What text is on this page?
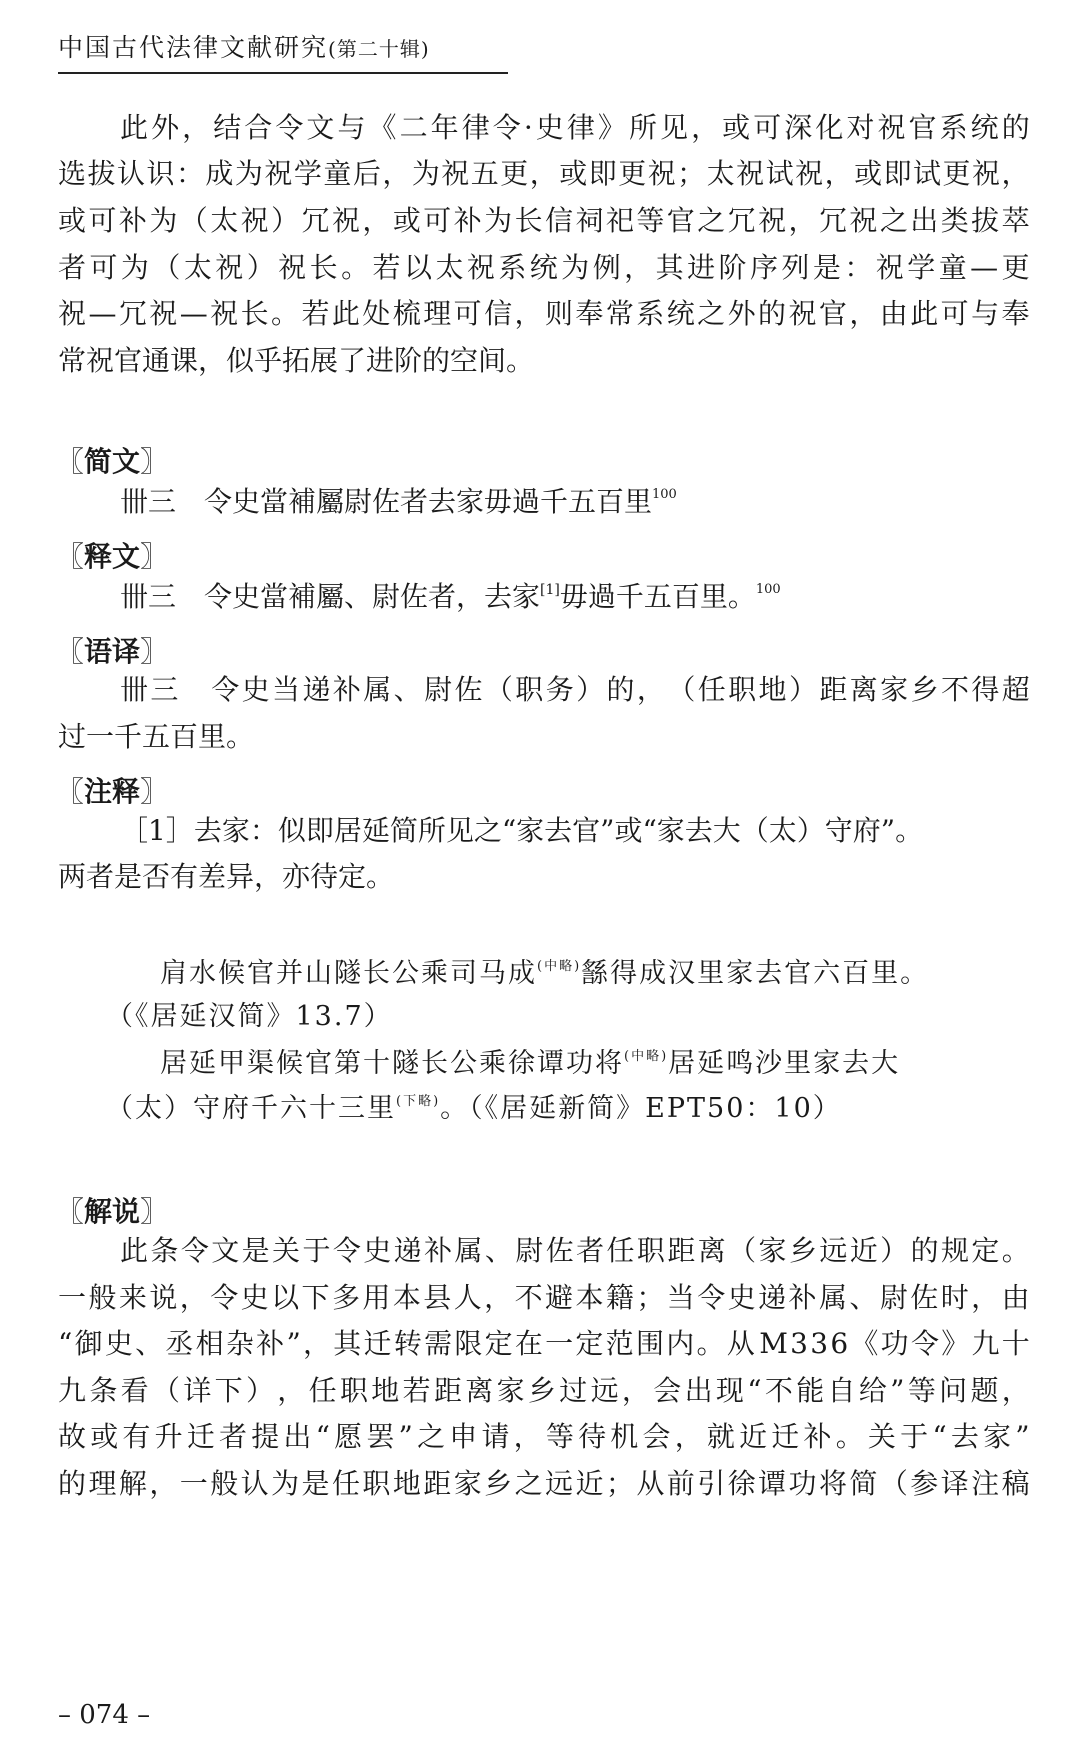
中国古代法律文献研究(第二十辑)
此 外 ， 结 合 令 文 与 《 二 年 律 令 · 史 律 》 所 见 ， 或 可 深 化 对 祝 官 系 统 的
选 拔 认 识 ： 成 为 祝 学 童 后 ， 为 祝 五 更 ， 或 即 更 祝 ； 太 祝 试 祝 ， 或 即 试 更 祝 ，
或 可 补 为 （ 太 祝 ） 冗 祝 ， 或 可 补 为 长 信 祠 祀 等 官 之 冗 祝 ， 冗 祝 之 出 类 拔 萃
者 可 为 （ 太 祝 ） 祝 长 。 若 以 太 祝 系 统 为 例 ， 其 进 阶 序 列 是 ： 祝 学 童 — 更
祝 — 冗 祝 — 祝 长 。 若 此 处 梳 理 可 信 ， 则 奉 常 系 统 之 外 的 祝 官 ， 由 此 可 与 奉
常祝官通课，似乎拓展了进阶的空间。
〖简文〗
卌三　令史當補屬尉佐者去家毋過千五百里 100
〖释文〗
卌三　令史當補屬、尉佐者，去家 [1] 毋過千五百里。 100
〖语译〗
卌 三
　 令 史 当 递 补 属 、 尉 佐 （ 职 务 ） 的 ， （ 任 职 地 ） 距 离 家 乡 不 得 超
过一千五百里。
〖注释〗
［1］去家：似即居延简所见之“家去官”或“家去大（太）守府”。
两者是否有差异，亦待定。
肩水候官并山隧长公乘司马成 (中略) 䌛得成汉里家去官六百里。
（《居延汉简》13.7）
居延甲渠候官第十隧长公乘徐谭功将 (中略) 居延鸣沙里家去大
（太）守府千六十三里 (下略) 。（《居延新简》EPT50：10）
〖解说〗
此 条 令 文 是 关 于 令 史 递 补 属 、 尉 佐 者 任 职 距 离 （ 家 乡 远 近 ） 的 规 定 。
一 般 来 说 ， 令 史 以 下 多 用 本 县 人 ， 不 避 本 籍 ； 当 令 史 递 补 属 、 尉 佐 时 ， 由
“ 御 史 、 丞 相 杂 补 ” ， 其 迁 转 需 限 定 在 一 定 范 围 内 。 从 M 3 3 6 《 功 令 》 九 十
九 条 看 （ 详 下 ） ， 任 职 地 若 距 离 家 乡 过 远 ， 会 出 现 “ 不 能 自 给 ” 等 问 题 ，
故 或 有 升 迁 者 提 出 “ 愿 罢 ” 之 申 请 ， 等 待 机 会 ， 就 近 迁 补 。 关 于 “ 去 家 ”
的 理 解 ， 一 般 认 为 是 任 职 地 距 家 乡 之 远 近 ； 从 前 引 徐 谭 功 将 简 （ 参 译 注 稿
– 074 –
